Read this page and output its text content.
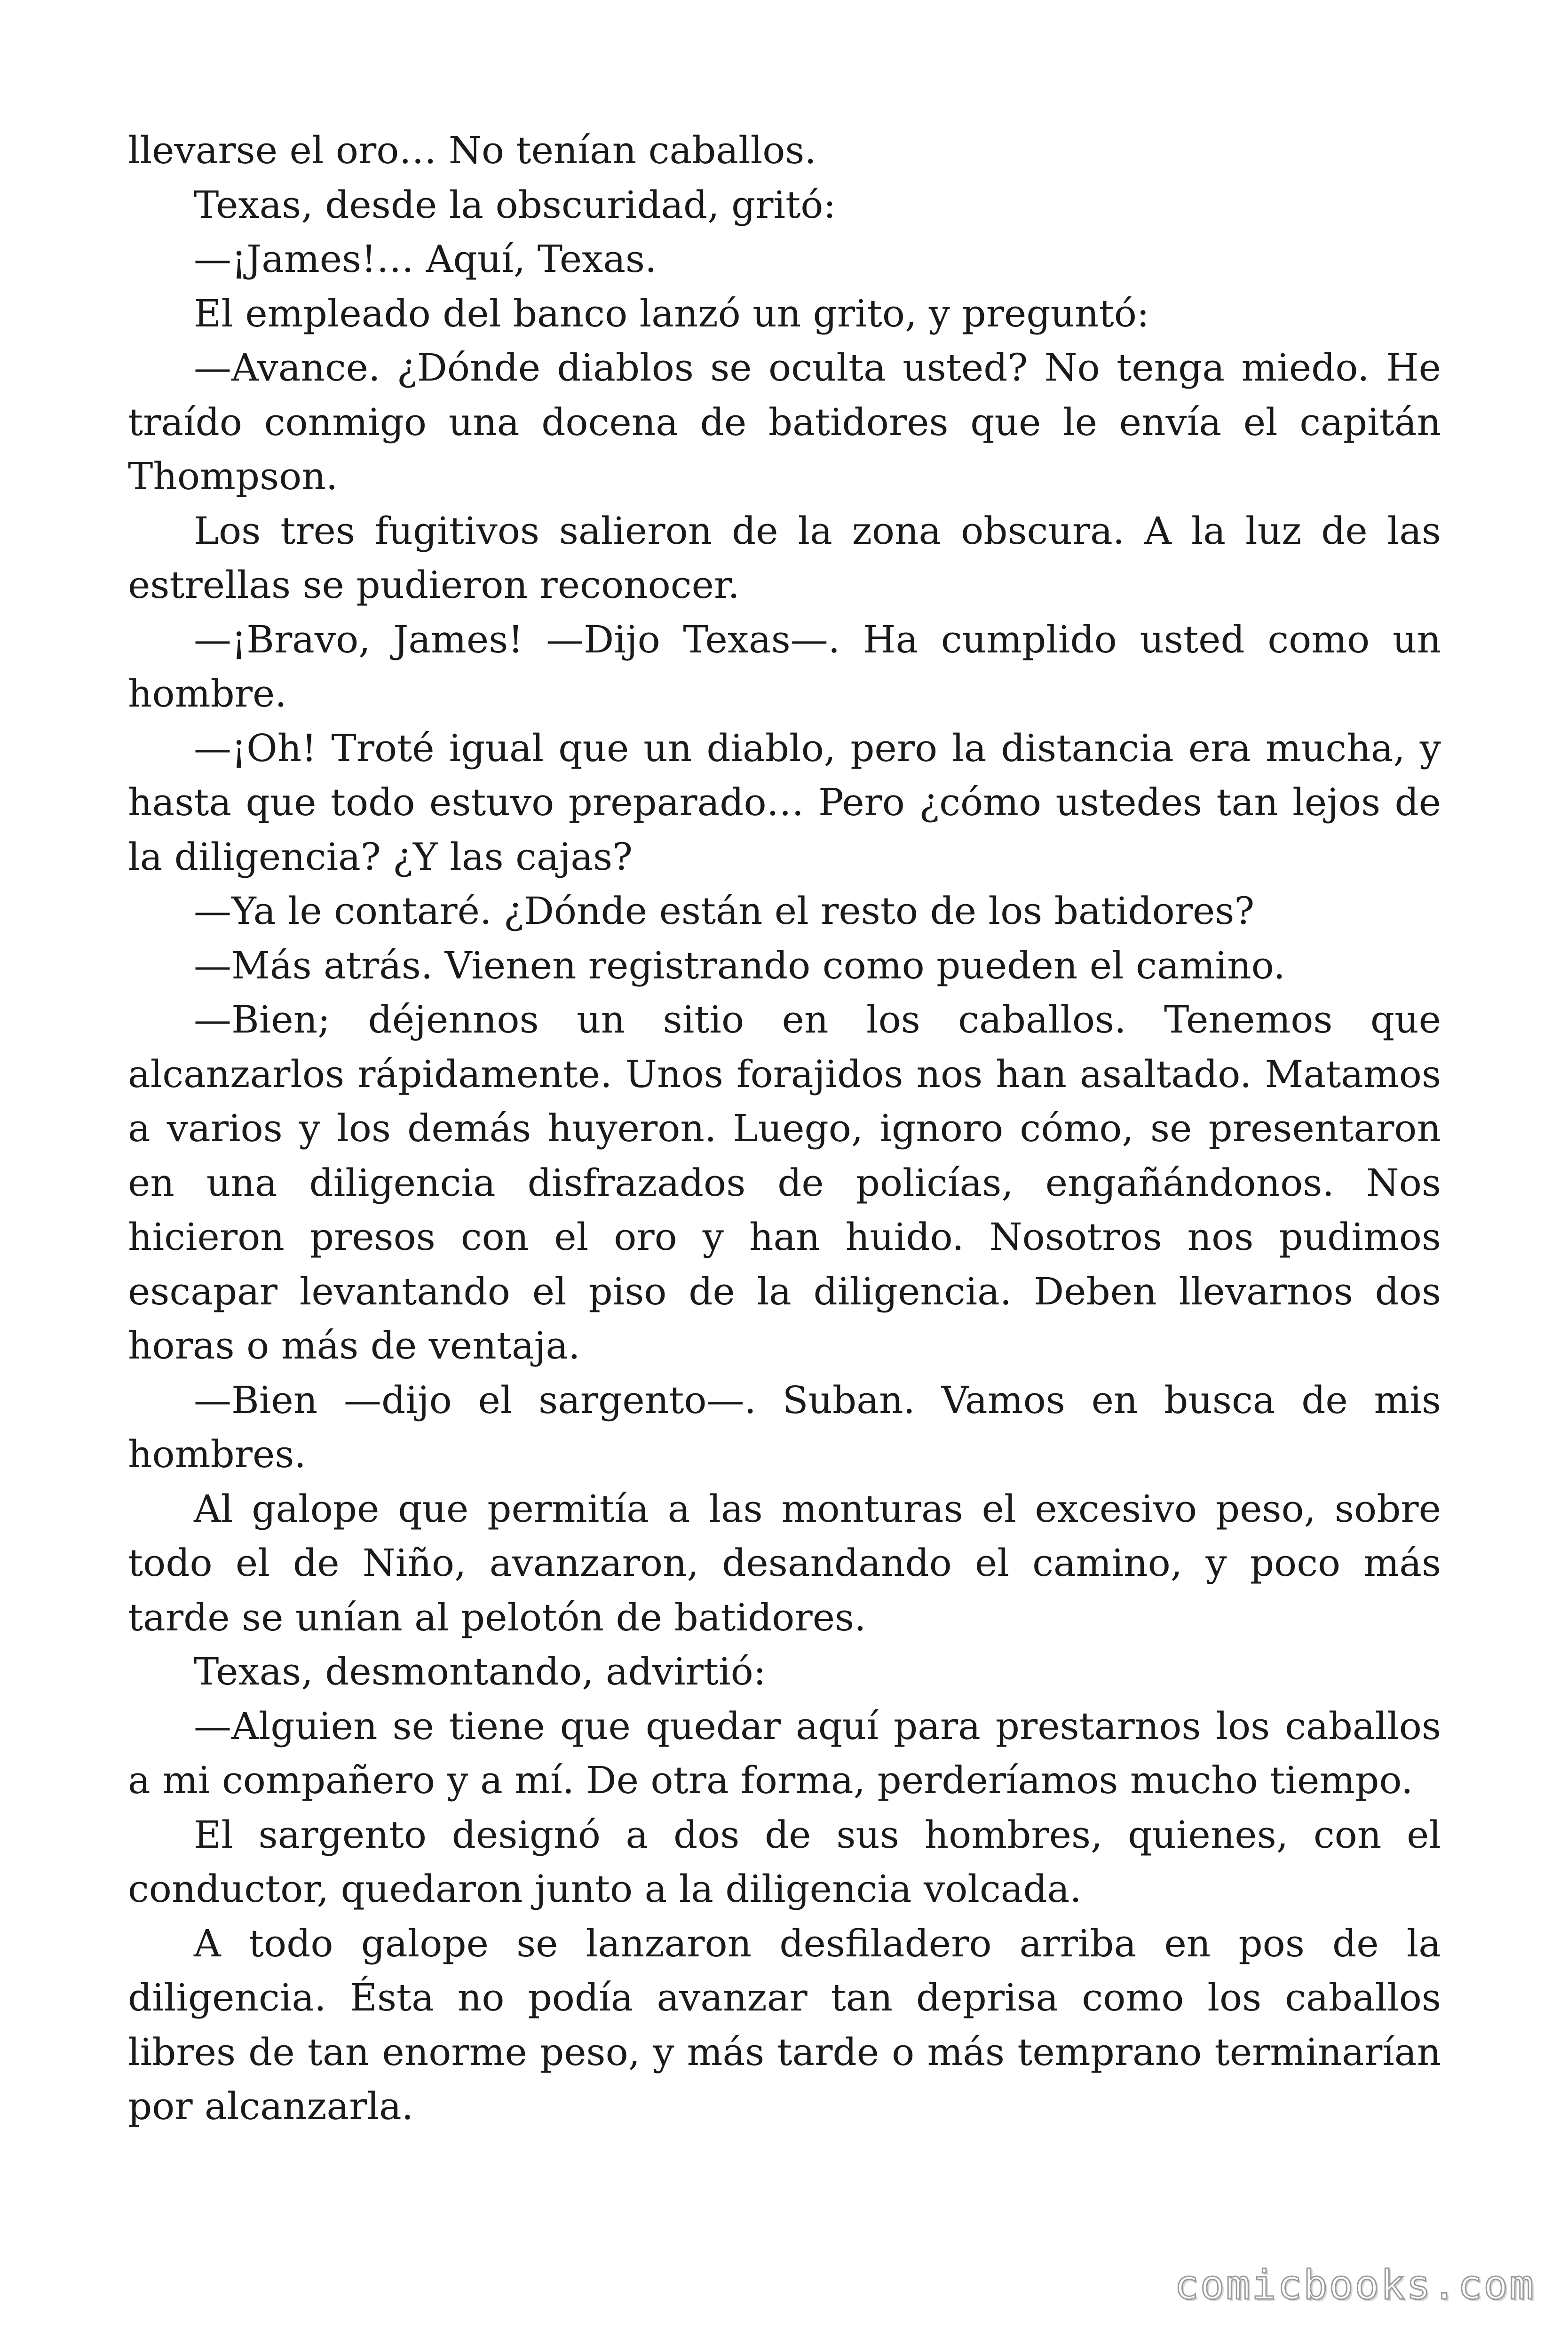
llevarse el oro… No tenían caballos.

Texas, desde la obscuridad, gritó:

—¡James!… Aquí, Texas.

El empleado del banco lanzó un grito, y preguntó:

—Avance. ¿Dónde diablos se oculta usted? No tenga miedo. He traído conmigo una docena de batidores que le envía el capitán Thompson.

Los tres fugitivos salieron de la zona obscura. A la luz de las estrellas se pudieron reconocer.

—¡Bravo, James! —Dijo Texas—. Ha cumplido usted como un hombre.

—¡Oh! Troté igual que un diablo, pero la distancia era mucha, y hasta que todo estuvo preparado… Pero ¿cómo ustedes tan lejos de la diligencia? ¿Y las cajas?

—Ya le contaré. ¿Dónde están el resto de los batidores?

—Más atrás. Vienen registrando como pueden el camino.

—Bien; déjennos un sitio en los caballos. Tenemos que alcanzarlos rápidamente. Unos forajidos nos han asaltado. Matamos a varios y los demás huyeron. Luego, ignoro cómo, se presentaron en una diligencia disfrazados de policías, engañándonos. Nos hicieron presos con el oro y han huido. Nosotros nos pudimos escapar levantando el piso de la diligencia. Deben llevarnos dos horas o más de ventaja.

—Bien —dijo el sargento—. Suban. Vamos en busca de mis hombres.

Al galope que permitía a las monturas el excesivo peso, sobre todo el de Niño, avanzaron, desandando el camino, y poco más tarde se unían al pelotón de batidores.

Texas, desmontando, advirtió:

—Alguien se tiene que quedar aquí para prestarnos los caballos a mi compañero y a mí. De otra forma, perderíamos mucho tiempo.

El sargento designó a dos de sus hombres, quienes, con el conductor, quedaron junto a la diligencia volcada.

A todo galope se lanzaron desfiladero arriba en pos de la diligencia. Ésta no podía avanzar tan deprisa como los caballos libres de tan enorme peso, y más tarde o más temprano terminarían por alcanzarla.

comicbooks.com
